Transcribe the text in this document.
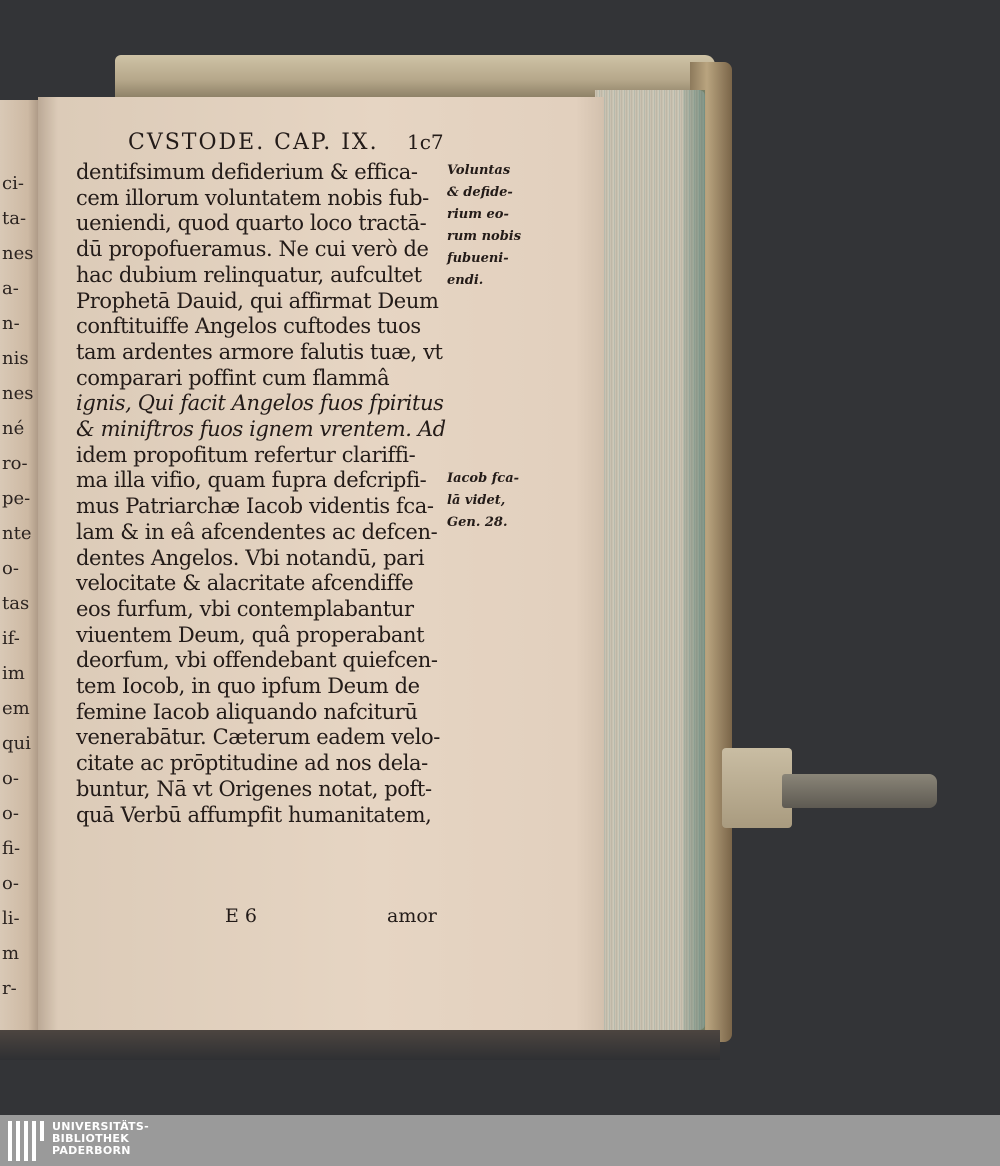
ci-
ta-
nes
a-
n-
nis
nes
né
ro-
pe-
nte
o-
tas
if-
im
em
qui
o-
o-
fi-
o-
li-
m
r-
CVSTODE. CAP. IX. 1c7
dentifsimum defiderium & effica-
cem illorum voluntatem nobis fub-
ueniendi, quod quarto loco tractā-
dū propofueramus. Ne cui verò de
hac dubium relinquatur, aufcultet
Prophetā Dauid, qui affirmat Deum
conftituiffe Angelos cuftodes tuos
tam ardentes armore falutis tuæ, vt
comparari poffint cum flammâ
ignis, Qui facit Angelos fuos fpiritus
& miniftros fuos ignem vrentem. Ad
idem propofitum refertur clariffi-
ma illa vifio, quam fupra defcripfi-
mus Patriarchæ Iacob videntis fca-
lam & in eâ afcendentes ac defcen-
dentes Angelos. Vbi notandū, pari
velocitate & alacritate afcendiffe
eos furfum, vbi contemplabantur
viuentem Deum, quâ properabant
deorfum, vbi offendebant quiefcen-
tem Iocob, in quo ipfum Deum de
femine Iacob aliquando nafciturū
venerabātur. Cæterum eadem velo-
citate ac prōptitudine ad nos dela-
buntur, Nā vt Origenes notat, poft-
quā Verbū affumpfit humanitatem,
Voluntas
& defide-
rium eo-
rum nobis
fubueni-
endi.
Iacob fca-
lā videt,
Gen. 28.
E 6	amor
UNIVERSITÄTS-
BIBLIOTHEK
PADERBORN
